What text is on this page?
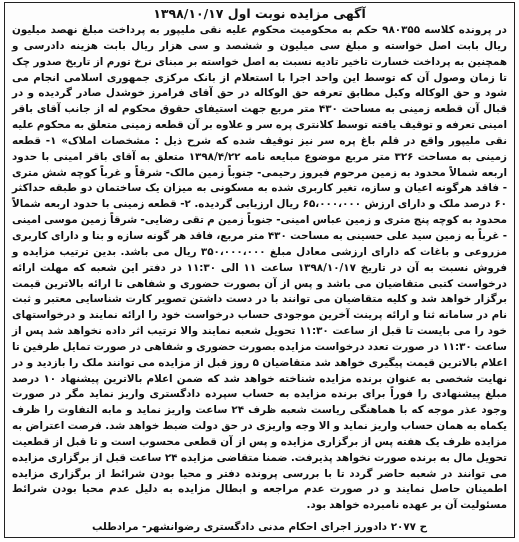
آگهی مزایده نوبت اول ۱۳۹۸/۱۰/۱۷

در پرونده کلاسه ۹۸۰۳۵۵ حکم به محکومیت محکوم علیه نقی ملیپور به پرداخت مبلغ نهصد میلیون ریال بابت اصل خواسته و مبلغ سی میلیون و ششصد و سی هزار ریال بابت هزینه دادرسی و همچنین به پرداخت خسارت تاخیر تادیه نسبت به اصل خواسته بر مبنای نرخ تورم از تاریخ صدور چک تا زمان وصول آن که توسط این واحد اجرا با استعلام از بانک مرکزی جمهوری اسلامی انجام می شود و حق الوکاله وکیل مطابق تعرفه حق الوکاله در حق آقای فرامرز خوشدل صادر گردیده و در قبال آن قطعه زمینی به مساحت ۴۳۰ متر مربع جهت استیفای حقوق محکوم له از جانب آقای باقر امینی تعرفه و توقیف یافته توسط کلانتری پره سر و علاوه بر آن قطعه زمینی متعلق به محکوم علیه نقی ملیپور واقع در قلم باغ پره سر نیز توقیف شده که شرح ذیل : مشخصات املاک» ۱- قطعه زمینی به مساحت ۳۲۶ متر مربع موضوع مبایعه نامه ۱۳۹۸/۴/۲۲ متعلق به آقای باقر امینی با حدود اربعه شمالاً محدود به زمین مرحوم فیروز رحیمی- جنوباً زمین مالک- شرقاً و غرباً کوچه شش متری - فاقد هرگونه اعیان و سازه، تغیر کاربری شده به مسکونی به میزان یک ساختمان دو طبقه حداکثر ۶۰ درصد ملک و دارای ارزش ۶۵،۰۰۰،۰۰۰ ریال ارزیابی گردیده. ۲- قطعه زمینی با حدود اربعه شمالاً محدود به کوچه پنج متری و زمین عباس امینی- جنوباً زمین م تقی رضایی- شرقاً زمین موسی امینی - غرباً به زمین سید علی حسینی به مساحت ۴۳۰ متر مربع، فاقد هر گونه سازه و بنا و دارای کاربری مزروعی و باغات که دارای ارزشی معادل مبلغ ۳۵۰،۰۰۰،۰۰۰ ریال می باشد. بدین ترتیب مزایده و فروش نسبت به آن در تاریخ ۱۳۹۸/۱۰/۱۷ ساعت ۱۱ الی ۱۱:۳۰ در دفتر این شعبه که مهلت ارائه درخواست کتبی متقاضیان می باشد و پس از آن بصورت حضوری و شفاهی تا ارائه بالاترین قیمت برگزار خواهد شد و کلیه متقاضیان می توانند با در دست داشتن تصویر کارت شناسایی معتبر و ثبت نام در سامانه ثنا و ارائه پرینت آخرین موجودی حساب درخواست خود را ارائه نمایند و درخواستهای خود را می بایست تا قبل از ساعت ۱۱:۳۰ تحویل شعبه نمایند والا ترتیب اثر داده نخواهد شد پس از ساعت ۱۱:۳۰ در صورت تعدد درخواست مزایده بصورت حضوری و شفاهی در صورت تمایل طرفین تا اعلام بالاترین قیمت پیگیری خواهد شد متقاضیان ۵ روز قبل از مزایده می توانند ملک را بازدید و در نهایت شخصی به عنوان برنده مزایده شناخته خواهد شد که ضمن اعلام بالاترین پیشنهاد ۱۰ درصد مبلغ پیشنهادی را فوراً برای برنده مزایده به حساب سپرده دادگستری واریز نماید مگر در صورت وجود عذر موجه که با هماهنگی ریاست شعبه ظرف ۲۴ ساعت واریز نماید و مابه التفاوت را ظرف یکماه به همان حساب واریز نماید و الا وجه واریزی در حق دولت ضبط خواهد شد. فرصت اعتراض به مزایده ظرف یک هفته پس از برگزاری مزایده و پس از آن قطعی محسوب است و تا قبل از قطعیت تحویل مال به برنده صورت نخواهد پذیرفت. ضمنا متقاضی مزایده ۲۴ ساعت قبل از برگزاری مزایده می توانند در شعبه حاضر گردد تا با بررسی پرونده دفتر و محیا بودن شرائط از برگزاری مزایده اطمینان حاصل نمایند و در صورت عدم مراجعه و ابطال مزایده به دلیل عدم محیا بودن شرائط مسئولیت آن بر عهده نامبرده خواهد بود.

ح ۲۰۷۷ دادورز اجرای احکام مدنی دادگستری رضوانشهر- مرادطلب
